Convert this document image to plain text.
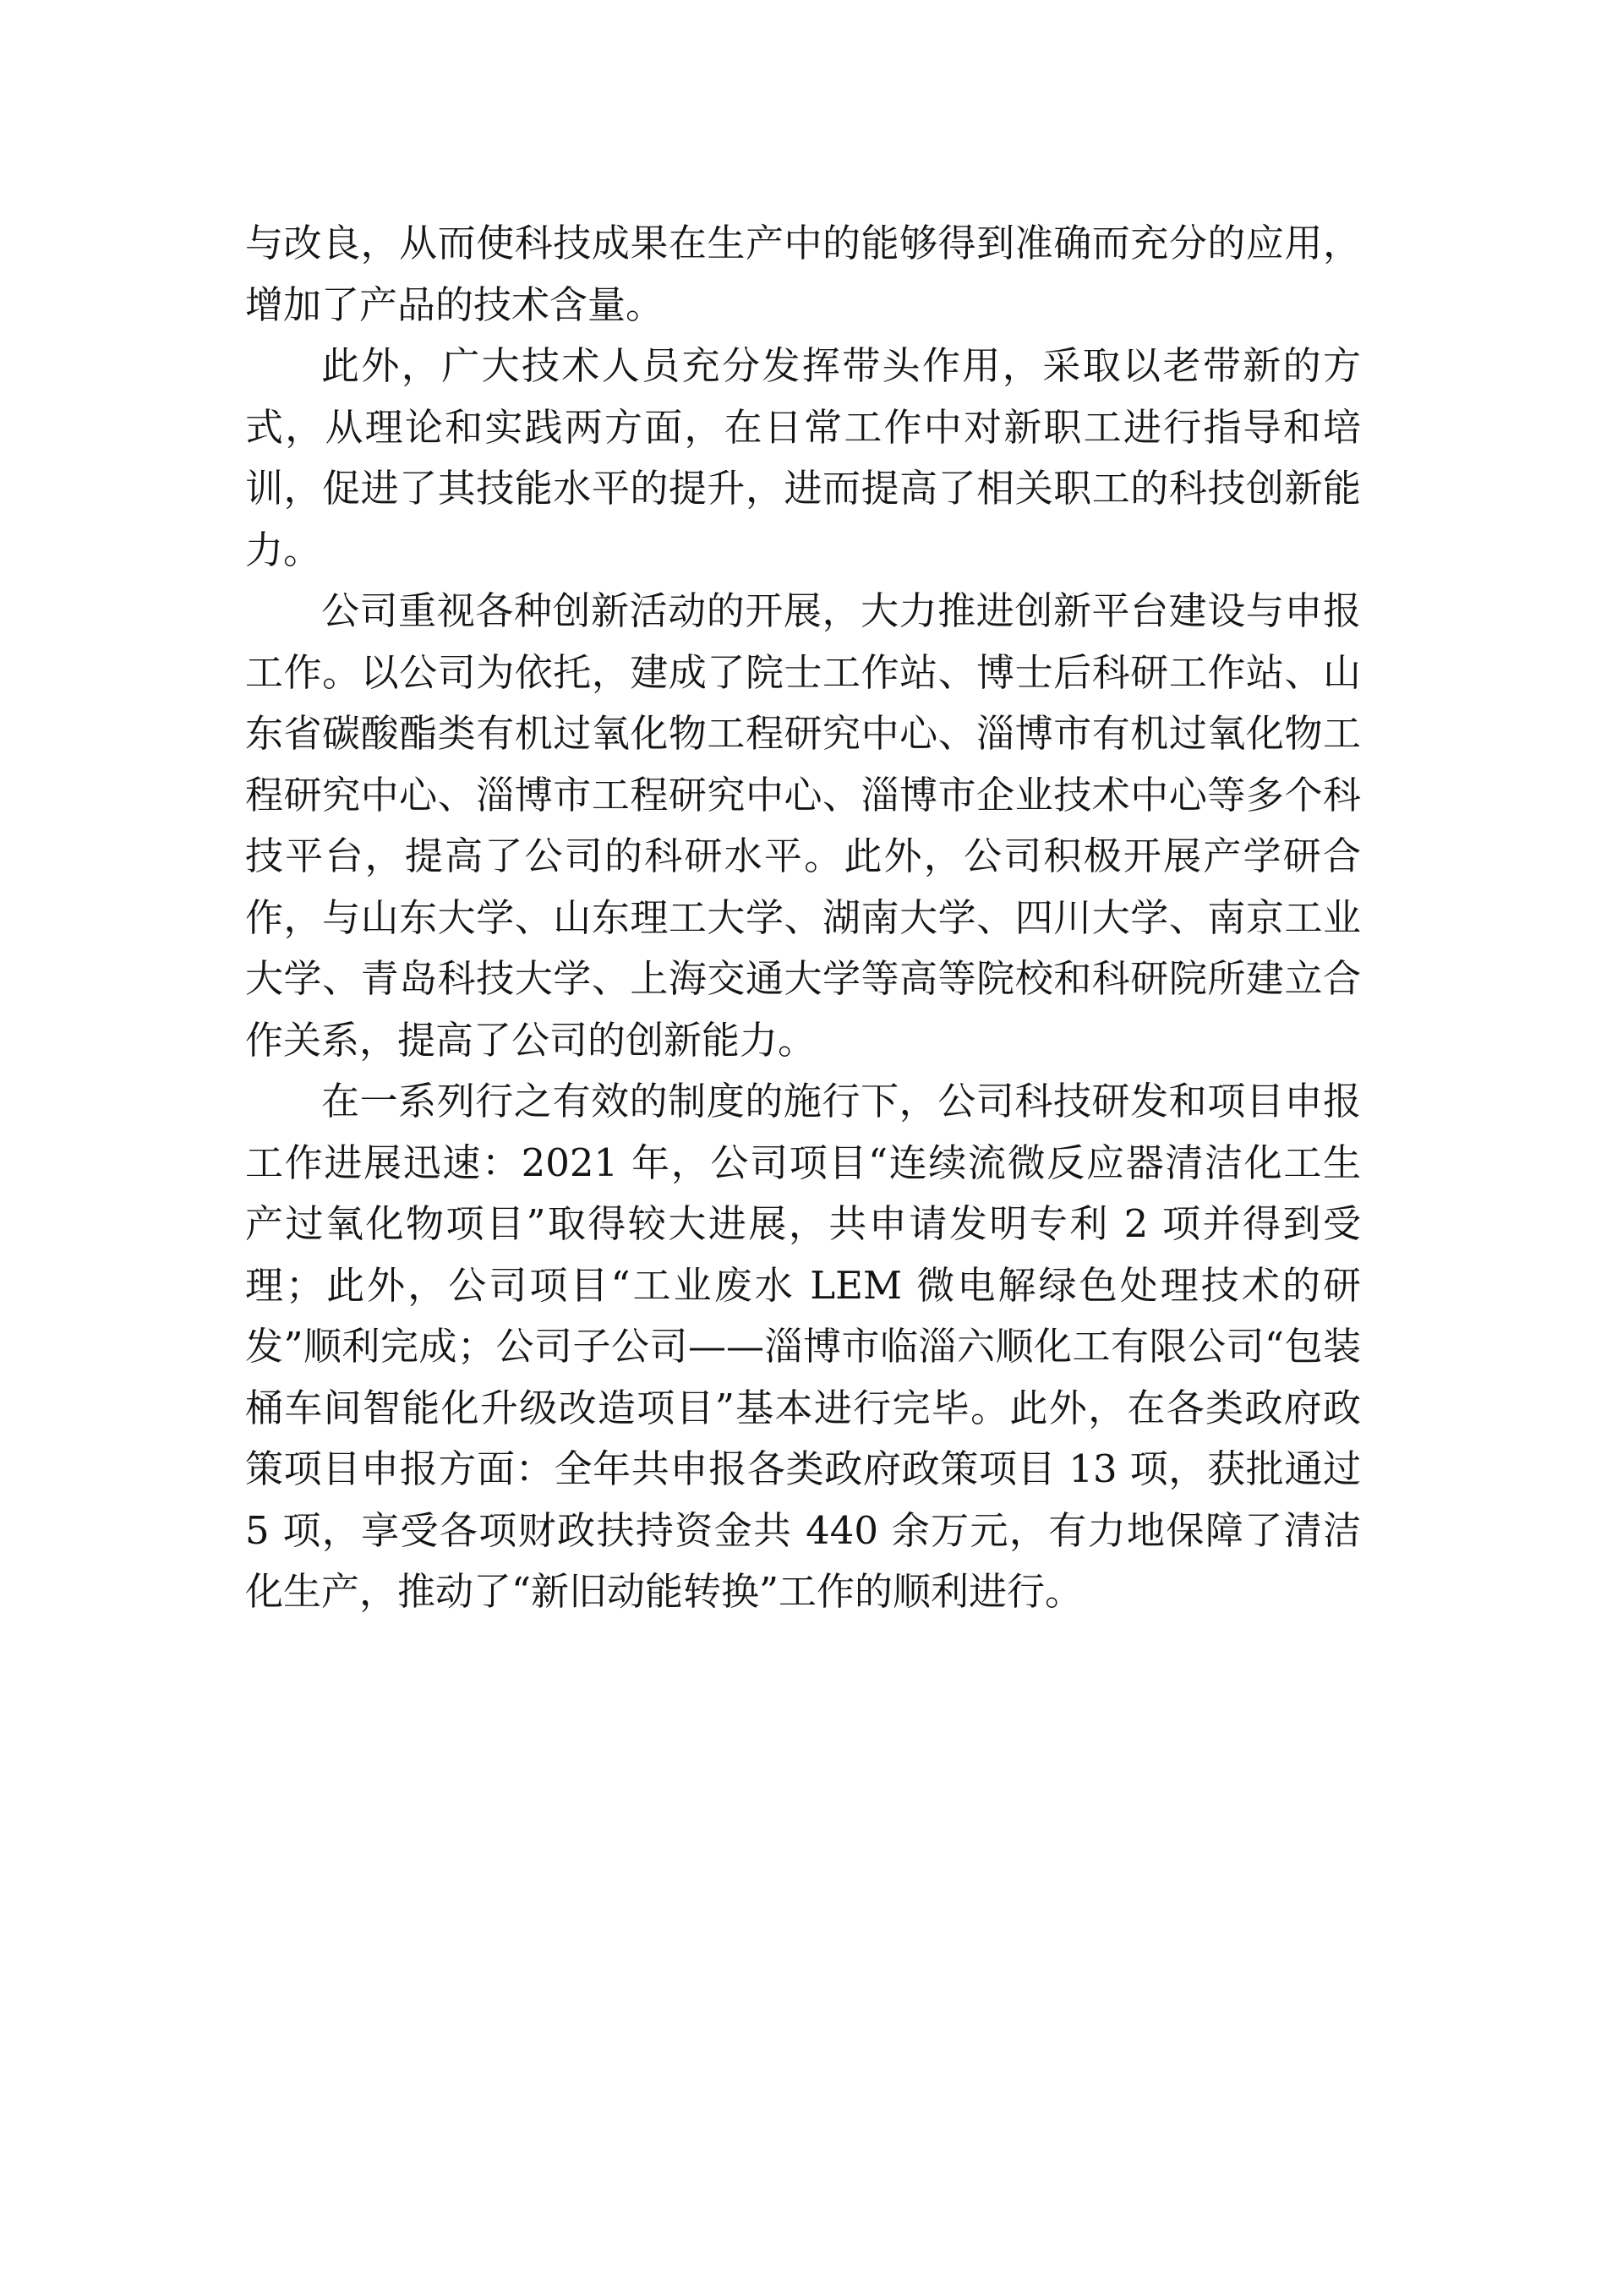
与改良，从而使科技成果在生产中的能够得到准确而充分的应用，增加了产品的技术含量。

此外，广大技术人员充分发挥带头作用，采取以老带新的方式，从理论和实践两方面，在日常工作中对新职工进行指导和培训，促进了其技能水平的提升，进而提高了相关职工的科技创新能力。

公司重视各种创新活动的开展，大力推进创新平台建设与申报工作。以公司为依托，建成了院士工作站、博士后科研工作站、山东省碳酸酯类有机过氧化物工程研究中心、淄博市有机过氧化物工程研究中心、淄博市工程研究中心、淄博市企业技术中心等多个科技平台，提高了公司的科研水平。此外，公司积极开展产学研合作，与山东大学、山东理工大学、湖南大学、四川大学、南京工业大学、青岛科技大学、上海交通大学等高等院校和科研院所建立合作关系，提高了公司的创新能力。

在一系列行之有效的制度的施行下，公司科技研发和项目申报工作进展迅速：2021 年，公司项目“连续流微反应器清洁化工生产过氧化物项目”取得较大进展，共申请发明专利 2 项并得到受理；此外，公司项目“工业废水 LEM 微电解绿色处理技术的研发”顺利完成；公司子公司——淄博市临淄六顺化工有限公司“包装桶车间智能化升级改造项目”基本进行完毕。此外，在各类政府政策项目申报方面：全年共申报各类政府政策项目 13 项，获批通过 5 项，享受各项财政扶持资金共 440 余万元，有力地保障了清洁化生产，推动了“新旧动能转换”工作的顺利进行。
